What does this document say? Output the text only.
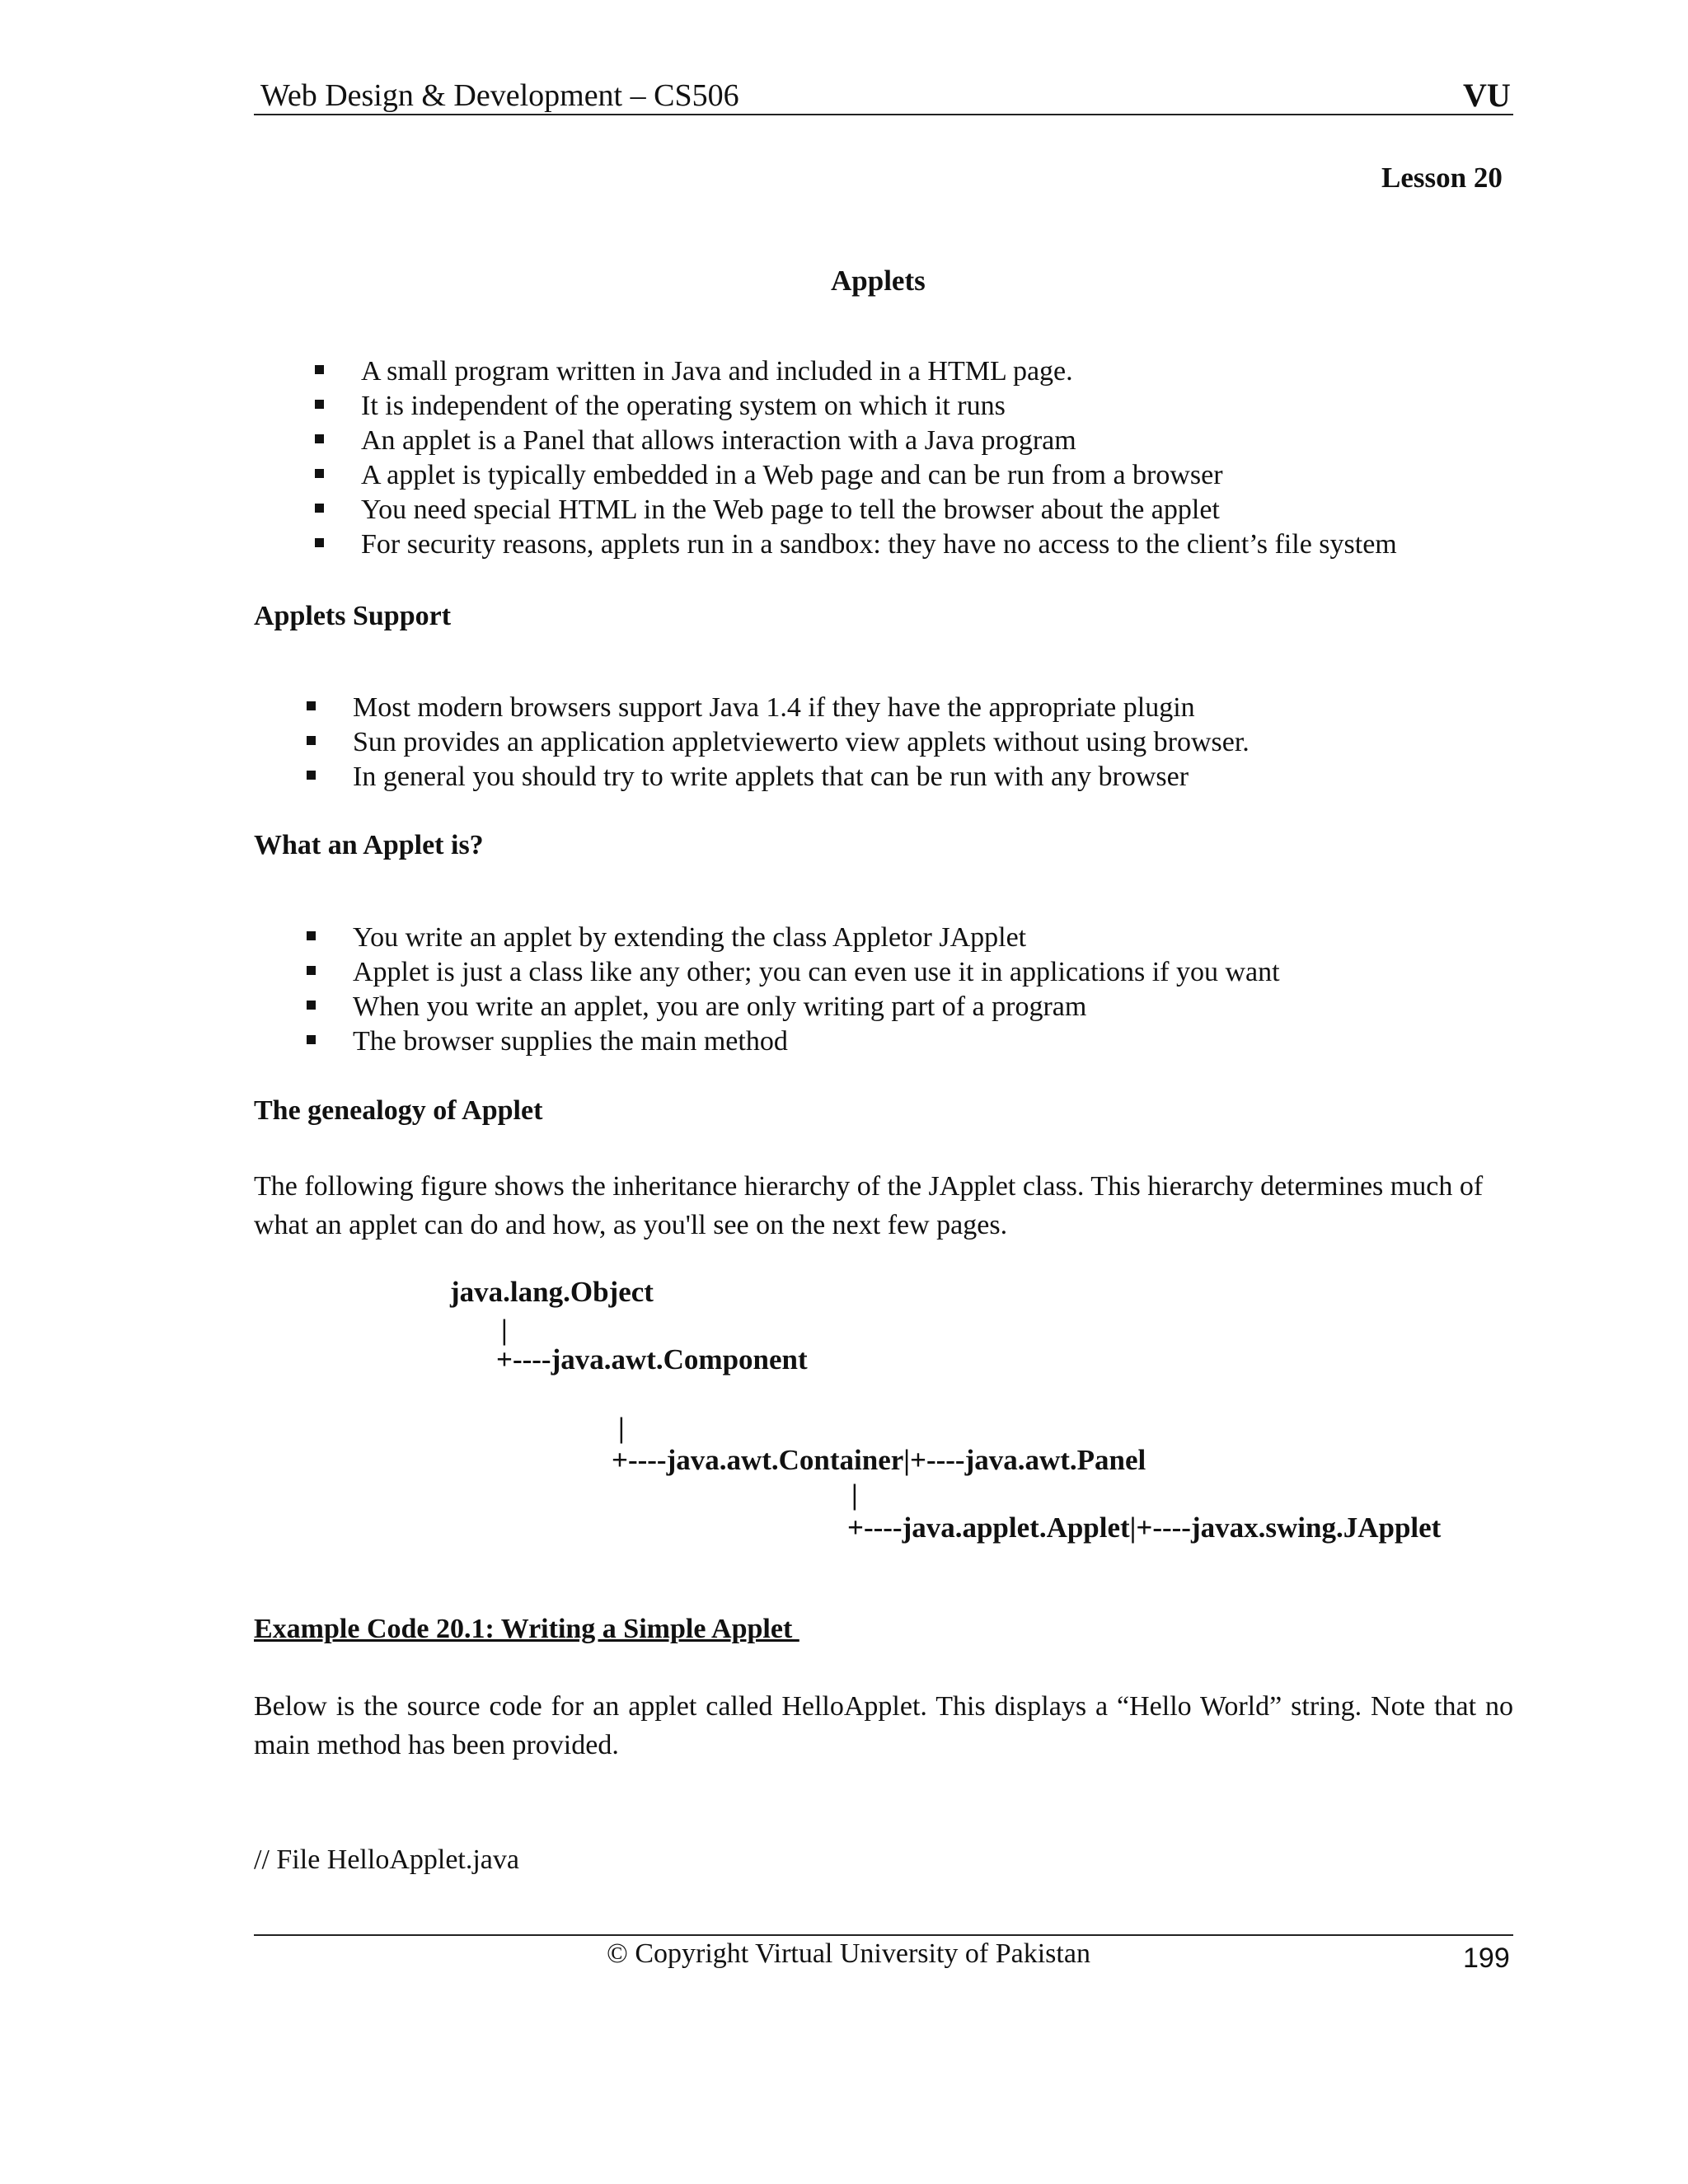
Web Design & Development – CS506	VU
Lesson 20
Applets
A small program written in Java and included in a HTML page.
It is independent of the operating system on which it runs
An applet is a Panel that allows interaction with a Java program
A applet is typically embedded in a Web page and can be run from a browser
You need special HTML in the Web page to tell the browser about the applet
For security reasons, applets run in a sandbox: they have no access to the client’s file system
Applets Support
Most modern browsers support Java 1.4 if they have the appropriate plugin
Sun provides an application appletviewerto view applets without using browser.
In general you should try to write applets that can be run with any browser
What an Applet is?
You write an applet by extending the class Appletor JApplet
Applet is just a class like any other; you can even use it in applications if you want
When you write an applet, you are only writing part of a program
The browser supplies the main method
The genealogy of Applet
The following figure shows the inheritance hierarchy of the JApplet class. This hierarchy determines much of what an applet can do and how, as you'll see on the next few pages.
java.lang.Object
|
+----java.awt.Component
|
+----java.awt.Container|+----java.awt.Panel
|
+----java.applet.Applet|+----javax.swing.JApplet
Example Code 20.1: Writing a Simple Applet
Below is the source code for an applet called HelloApplet. This displays a “Hello World” string. Note that no main method has been provided.
// File HelloApplet.java
© Copyright Virtual University of Pakistan	199
